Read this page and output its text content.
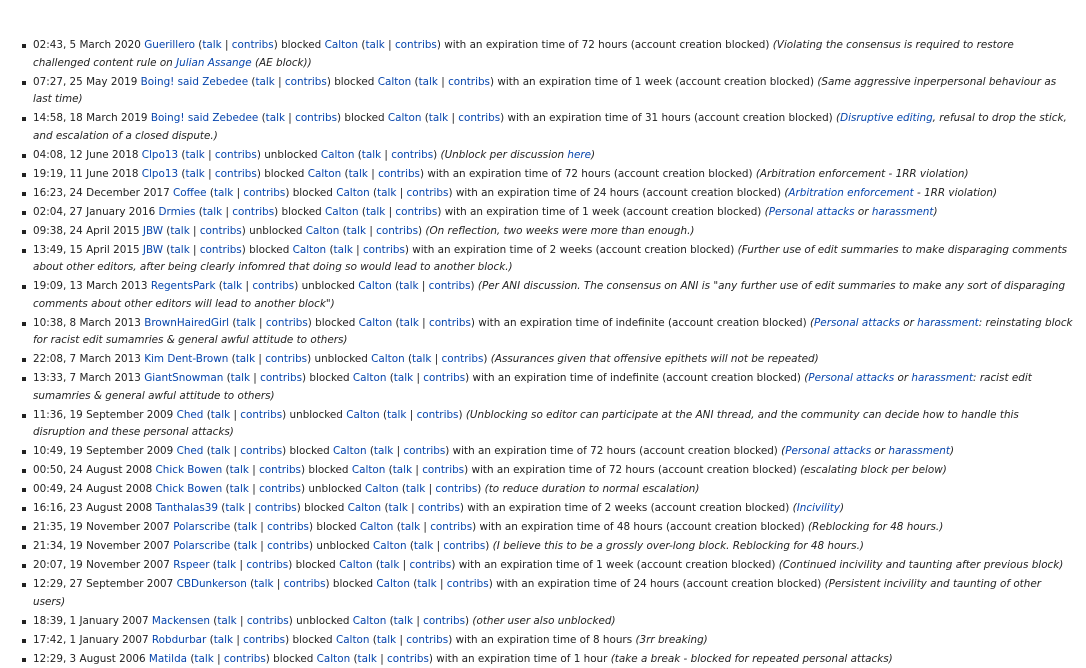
02:43, 5 March 2020 Guerillero (talk | contribs) blocked Calton (talk | contribs) with an expiration time of 72 hours (account creation blocked) (Violating the consensus is required to restore challenged content rule on Julian Assange (AE block))
07:27, 25 May 2019 Boing! said Zebedee (talk | contribs) blocked Calton (talk | contribs) with an expiration time of 1 week (account creation blocked) (Same aggressive inperpersonal behaviour as last time)
14:58, 18 March 2019 Boing! said Zebedee (talk | contribs) blocked Calton (talk | contribs) with an expiration time of 31 hours (account creation blocked) (Disruptive editing, refusal to drop the stick, and escalation of a closed dispute.)
04:08, 12 June 2018 Clpo13 (talk | contribs) unblocked Calton (talk | contribs) (Unblock per discussion here)
19:19, 11 June 2018 Clpo13 (talk | contribs) blocked Calton (talk | contribs) with an expiration time of 72 hours (account creation blocked) (Arbitration enforcement - 1RR violation)
16:23, 24 December 2017 Coffee (talk | contribs) blocked Calton (talk | contribs) with an expiration time of 24 hours (account creation blocked) (Arbitration enforcement - 1RR violation)
02:04, 27 January 2016 Drmies (talk | contribs) blocked Calton (talk | contribs) with an expiration time of 1 week (account creation blocked) (Personal attacks or harassment)
09:38, 24 April 2015 JBW (talk | contribs) unblocked Calton (talk | contribs) (On reflection, two weeks were more than enough.)
13:49, 15 April 2015 JBW (talk | contribs) blocked Calton (talk | contribs) with an expiration time of 2 weeks (account creation blocked) (Further use of edit summaries to make disparaging comments about other editors, after being clearly infomred that doing so would lead to another block.)
19:09, 13 March 2013 RegentsPark (talk | contribs) unblocked Calton (talk | contribs) (Per ANI discussion. The consensus on ANI is "any further use of edit summaries to make any sort of disparaging comments about other editors will lead to another block")
10:38, 8 March 2013 BrownHairedGirl (talk | contribs) blocked Calton (talk | contribs) with an expiration time of indefinite (account creation blocked) (Personal attacks or harassment: reinstating block for racist edit sumamries & general awful attitude to others)
22:08, 7 March 2013 Kim Dent-Brown (talk | contribs) unblocked Calton (talk | contribs) (Assurances given that offensive epithets will not be repeated)
13:33, 7 March 2013 GiantSnowman (talk | contribs) blocked Calton (talk | contribs) with an expiration time of indefinite (account creation blocked) (Personal attacks or harassment: racist edit sumamries & general awful attitude to others)
11:36, 19 September 2009 Ched (talk | contribs) unblocked Calton (talk | contribs) (Unblocking so editor can participate at the ANI thread, and the community can decide how to handle this disruption and these personal attacks)
10:49, 19 September 2009 Ched (talk | contribs) blocked Calton (talk | contribs) with an expiration time of 72 hours (account creation blocked) (Personal attacks or harassment)
00:50, 24 August 2008 Chick Bowen (talk | contribs) blocked Calton (talk | contribs) with an expiration time of 72 hours (account creation blocked) (escalating block per below)
00:49, 24 August 2008 Chick Bowen (talk | contribs) unblocked Calton (talk | contribs) (to reduce duration to normal escalation)
16:16, 23 August 2008 Tanthalas39 (talk | contribs) blocked Calton (talk | contribs) with an expiration time of 2 weeks (account creation blocked) (Incivility)
21:35, 19 November 2007 Polarscribe (talk | contribs) blocked Calton (talk | contribs) with an expiration time of 48 hours (account creation blocked) (Reblocking for 48 hours.)
21:34, 19 November 2007 Polarscribe (talk | contribs) unblocked Calton (talk | contribs) (I believe this to be a grossly over-long block. Reblocking for 48 hours.)
20:07, 19 November 2007 Rspeer (talk | contribs) blocked Calton (talk | contribs) with an expiration time of 1 week (account creation blocked) (Continued incivility and taunting after previous block)
12:29, 27 September 2007 CBDunkerson (talk | contribs) blocked Calton (talk | contribs) with an expiration time of 24 hours (account creation blocked) (Persistent incivility and taunting of other users)
18:39, 1 January 2007 Mackensen (talk | contribs) unblocked Calton (talk | contribs) (other user also unblocked)
17:42, 1 January 2007 Robdurbar (talk | contribs) blocked Calton (talk | contribs) with an expiration time of 8 hours (3rr breaking)
12:29, 3 August 2006 Matilda (talk | contribs) blocked Calton (talk | contribs) with an expiration time of 1 hour (take a break - blocked for repeated personal attacks)
